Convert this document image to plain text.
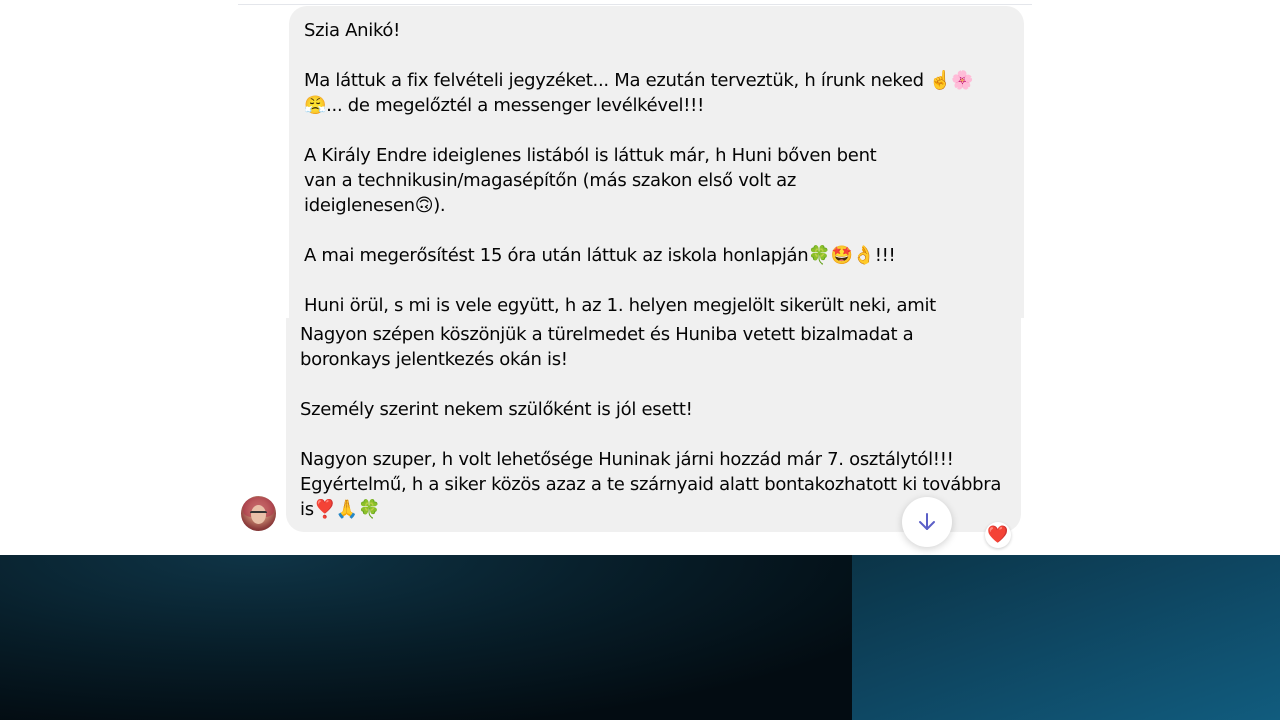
Szia Anikó!

Ma láttuk a fix felvételi jegyzéket... Ma ezután terveztük, h írunk neked ☝️🌸😤... de megelőztél a messenger levélkével!!!

A Király Endre ideiglenes listából is láttuk már, h Huni bőven bent van a technikusin/magasépítőn (más szakon első volt az ideiglenesen🙃).

A mai megerősítést 15 óra után láttuk az iskola honlapján🍀🤩👌!!!

Huni örül, s mi is vele együtt, h az 1. helyen megjelölt sikerült neki, amit

Nagyon szépen köszönjük a türelmedet és Huniba vetett bizalmadat a boronkays jelentkezés okán is!

Személy szerint nekem szülőként is jól esett!

Nagyon szuper, h volt lehetősége Huninak járni hozzád már 7. osztálytól!!! Egyértelmű, h a siker közös azaz a te szárnyaid alatt bontakozhatott ki továbbra is❣️🙏🍀

❤️
